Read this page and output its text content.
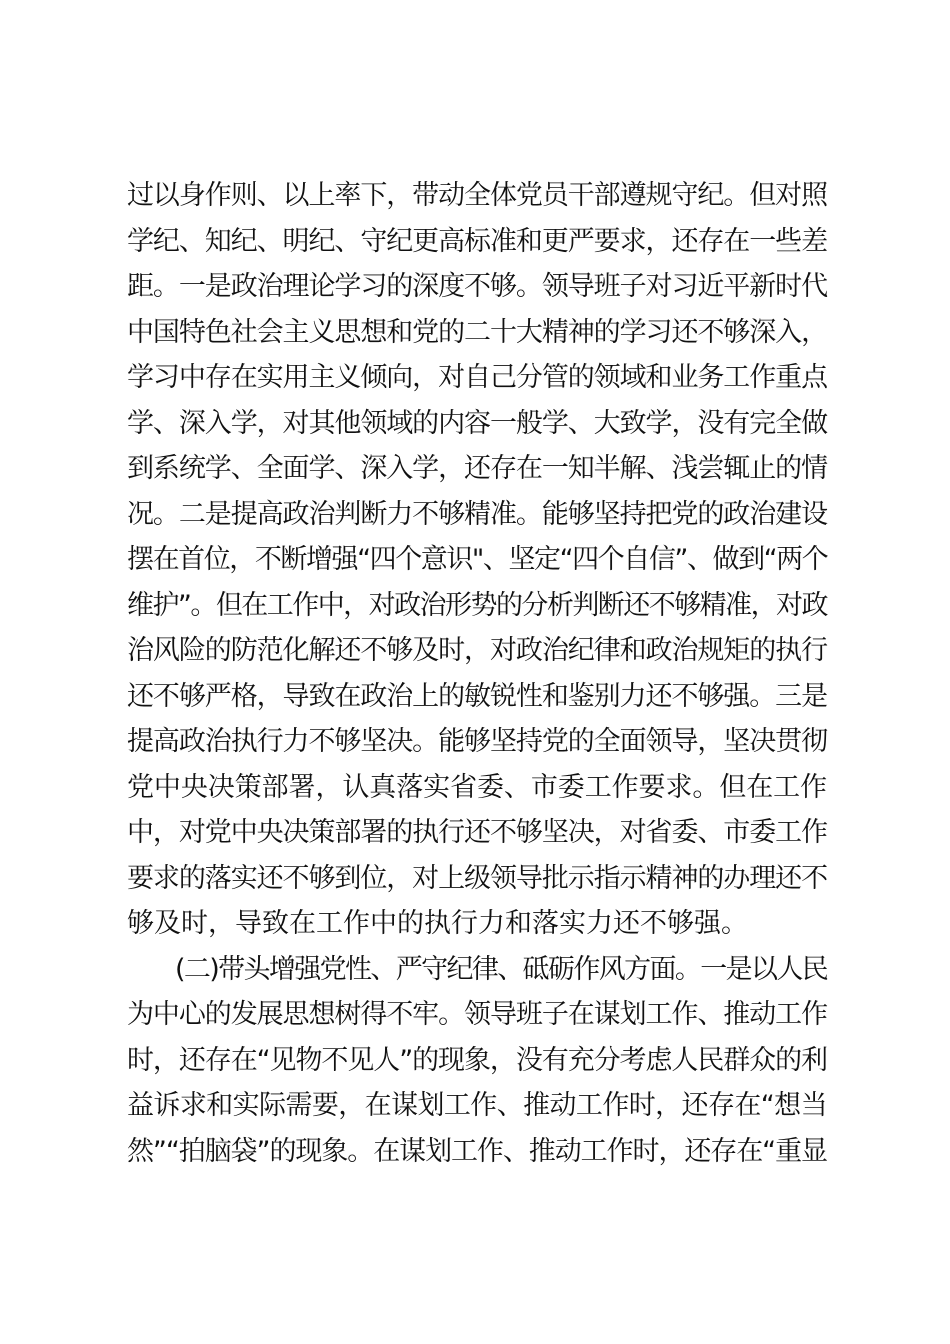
过以身作则、以上率下，带动全体党员干部遵规守纪。但对照
学纪、知纪、明纪、守纪更高标准和更严要求，还存在一些差
距。一是政治理论学习的深度不够。领导班子对习近平新时代
中国特色社会主义思想和党的二十大精神的学习还不够深入，
学习中存在实用主义倾向，对自己分管的领域和业务工作重点
学、深入学，对其他领域的内容一般学、大致学，没有完全做
到系统学、全面学、深入学，还存在一知半解、浅尝辄止的情
况。二是提高政治判断力不够精准。能够坚持把党的政治建设
摆在首位，不断增强“四个意识"、坚定“四个自信”、做到“两个
维护”。但在工作中，对政治形势的分析判断还不够精准，对政
治风险的防范化解还不够及时，对政治纪律和政治规矩的执行
还不够严格，导致在政治上的敏锐性和鉴别力还不够强。三是
提高政治执行力不够坚决。能够坚持党的全面领导，坚决贯彻
党中央决策部署，认真落实省委、市委工作要求。但在工作
中，对党中央决策部署的执行还不够坚决，对省委、市委工作
要求的落实还不够到位，对上级领导批示指示精神的办理还不
够及时，导致在工作中的执行力和落实力还不够强。
(二)带头增强党性、严守纪律、砥砺作风方面。一是以人民
为中心的发展思想树得不牢。领导班子在谋划工作、推动工作
时，还存在“见物不见人”的现象，没有充分考虑人民群众的利
益诉求和实际需要，在谋划工作、推动工作时，还存在“想当
然”“拍脑袋”的现象。在谋划工作、推动工作时，还存在“重显
